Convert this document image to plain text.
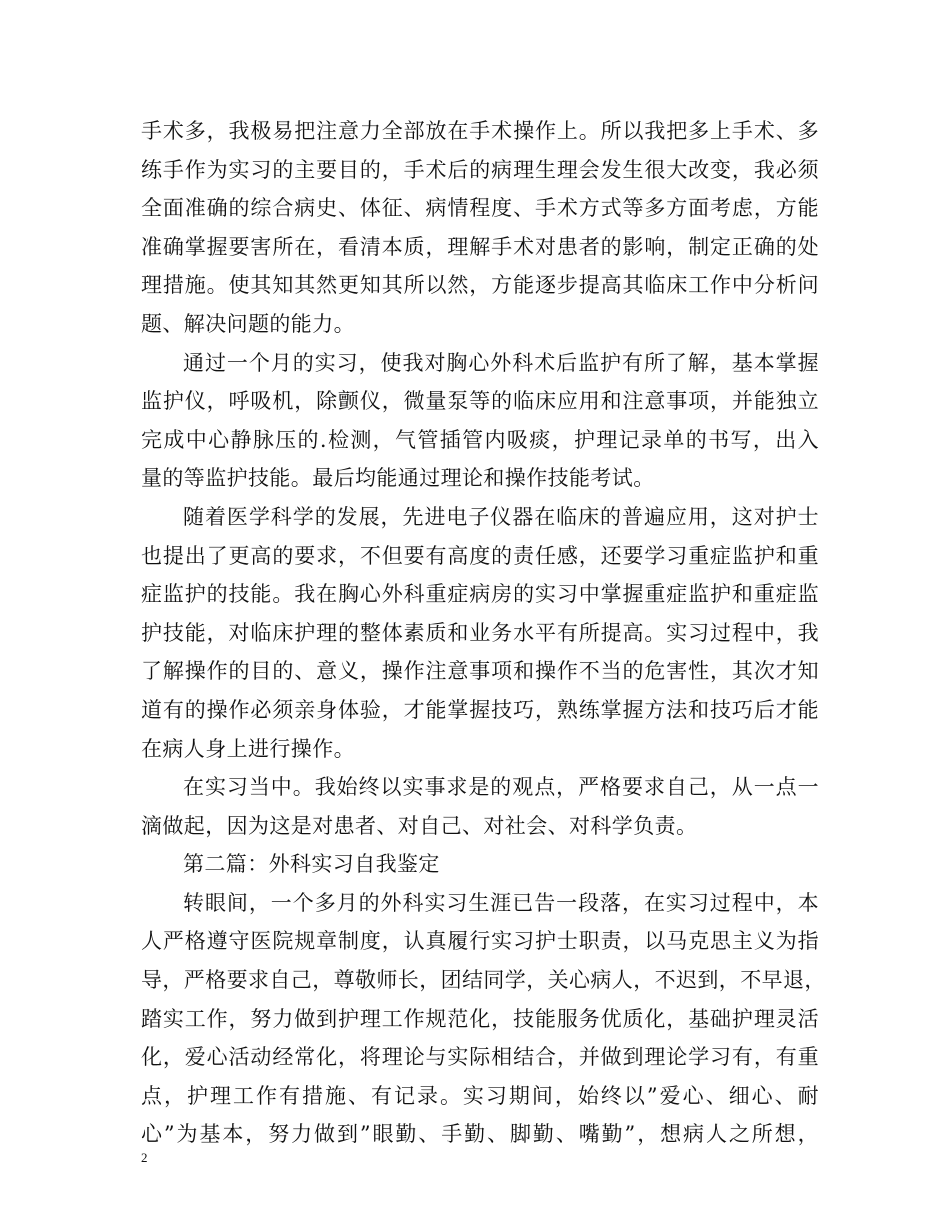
手术多，我极易把注意力全部放在手术操作上。所以我把多上手术、多
练手作为实习的主要目的，手术后的病理生理会发生很大改变，我必须
全面准确的综合病史、体征、病情程度、手术方式等多方面考虑，方能
准确掌握要害所在，看清本质，理解手术对患者的影响，制定正确的处
理措施。使其知其然更知其所以然，方能逐步提高其临床工作中分析问
题、解决问题的能力。
通过一个月的实习，使我对胸心外科术后监护有所了解，基本掌握
监护仪，呼吸机，除颤仪，微量泵等的临床应用和注意事项，并能独立
完成中心静脉压的.检测，气管插管内吸痰，护理记录单的书写，出入
量的等监护技能。最后均能通过理论和操作技能考试。
随着医学科学的发展，先进电子仪器在临床的普遍应用，这对护士
也提出了更高的要求，不但要有高度的责任感，还要学习重症监护和重
症监护的技能。我在胸心外科重症病房的实习中掌握重症监护和重症监
护技能，对临床护理的整体素质和业务水平有所提高。实习过程中，我
了解操作的目的、意义，操作注意事项和操作不当的危害性，其次才知
道有的操作必须亲身体验，才能掌握技巧，熟练掌握方法和技巧后才能
在病人身上进行操作。
在实习当中。我始终以实事求是的观点，严格要求自己，从一点一
滴做起，因为这是对患者、对自己、对社会、对科学负责。
第二篇：外科实习自我鉴定
转眼间，一个多月的外科实习生涯已告一段落，在实习过程中，本
人严格遵守医院规章制度，认真履行实习护士职责，以马克思主义为指
导，严格要求自己，尊敬师长，团结同学，关心病人，不迟到，不早退，
踏实工作，努力做到护理工作规范化，技能服务优质化，基础护理灵活
化，爱心活动经常化，将理论与实际相结合，并做到理论学习有，有重
点，护理工作有措施、有记录。实习期间，始终以”爱心、细心、耐
心”为基本，努力做到”眼勤、手勤、脚勤、嘴勤”，想病人之所想，
2
